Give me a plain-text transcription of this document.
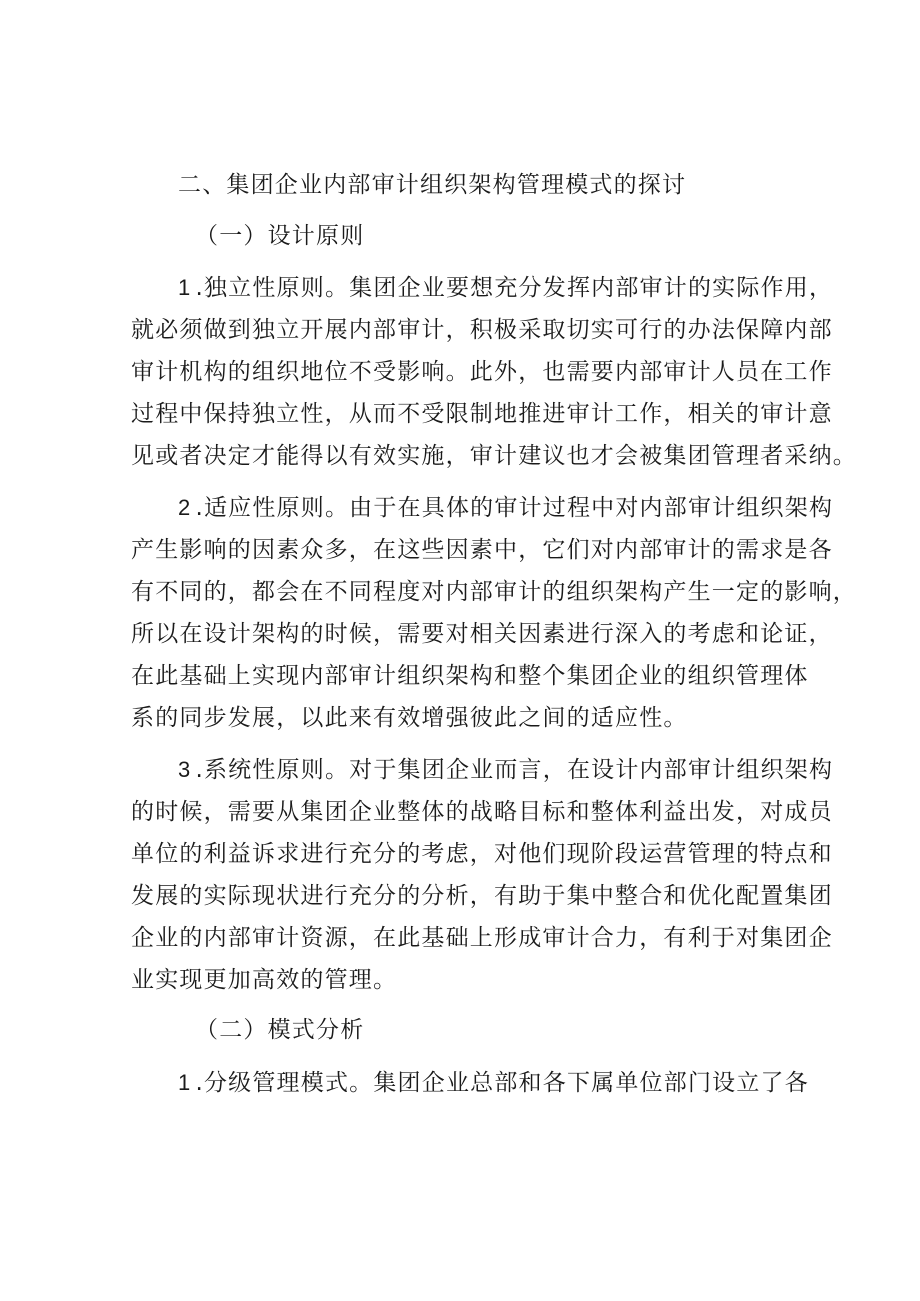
二、集团企业内部审计组织架构管理模式的探讨
（一）设计原则
1 .独立性原则。集团企业要想充分发挥内部审计的实际作用，
就必须做到独立开展内部审计，积极采取切实可行的办法保障内部
审计机构的组织地位不受影响。此外，也需要内部审计人员在工作
过程中保持独立性，从而不受限制地推进审计工作，相关的审计意
见或者决定才能得以有效实施，审计建议也才会被集团管理者采纳。
2 .适应性原则。由于在具体的审计过程中对内部审计组织架构
产生影响的因素众多，在这些因素中，它们对内部审计的需求是各
有不同的，都会在不同程度对内部审计的组织架构产生一定的影响，
所以在设计架构的时候，需要对相关因素进行深入的考虑和论证，
在此基础上实现内部审计组织架构和整个集团企业的组织管理体
系的同步发展，以此来有效增强彼此之间的适应性。
3 .系统性原则。对于集团企业而言，在设计内部审计组织架构
的时候，需要从集团企业整体的战略目标和整体利益出发，对成员
单位的利益诉求进行充分的考虑，对他们现阶段运营管理的特点和
发展的实际现状进行充分的分析，有助于集中整合和优化配置集团
企业的内部审计资源，在此基础上形成审计合力，有利于对集团企
业实现更加高效的管理。
（二）模式分析
1 .分级管理模式。集团企业总部和各下属单位部门设立了各
